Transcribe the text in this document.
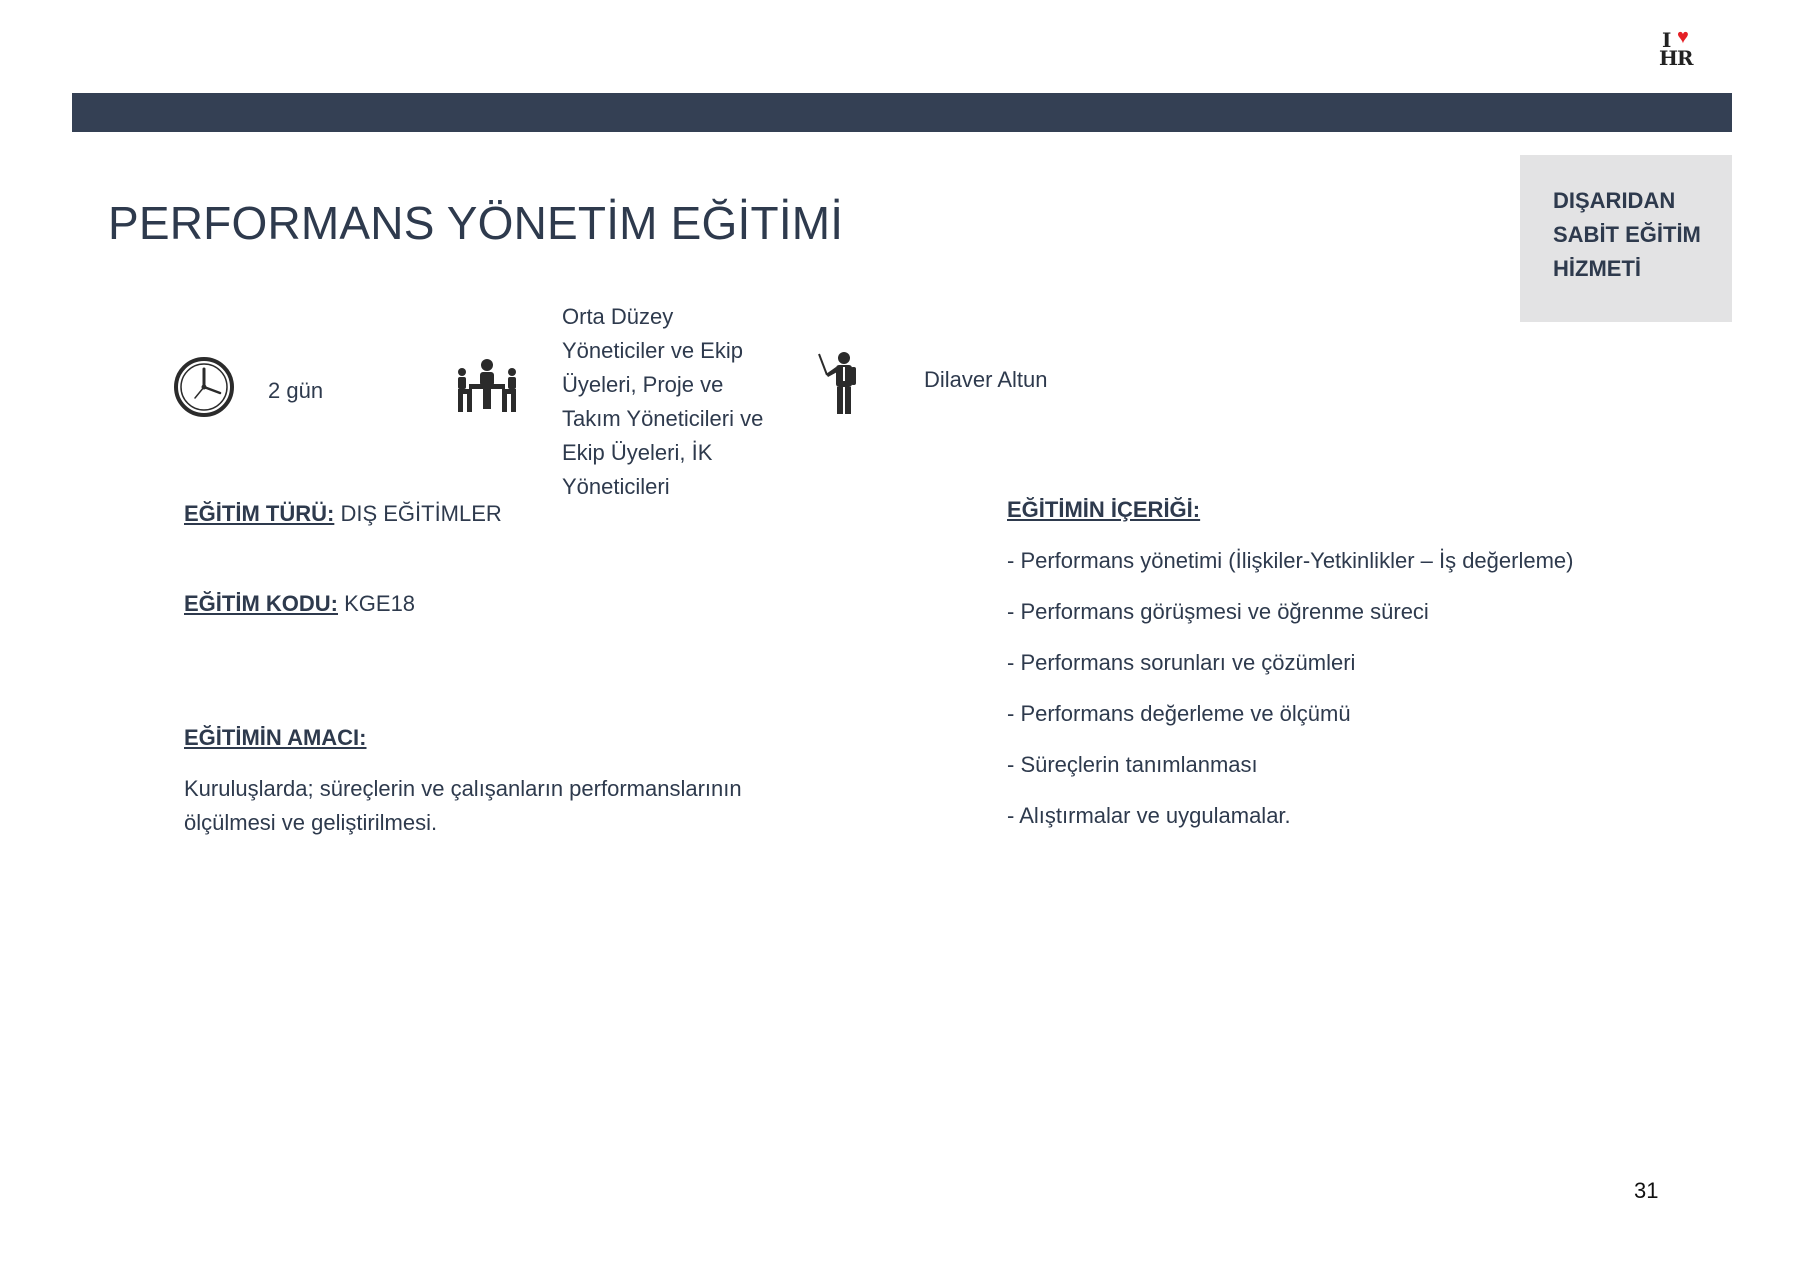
I ♥
HR
DIŞARIDAN
SABİT EĞİTİM
HİZMETİ
PERFORMANS YÖNETİM EĞİTİMİ
2 gün
Orta Düzey
Yöneticiler ve Ekip
Üyeleri, Proje ve
Takım Yöneticileri ve
Ekip Üyeleri, İK
Yöneticileri
Dilaver Altun
EĞİTİM TÜRÜ: DIŞ EĞİTİMLER
EĞİTİM KODU: KGE18
EĞİTİMİN AMACI:
Kuruluşlarda; süreçlerin ve çalışanların performanslarının
ölçülmesi ve geliştirilmesi.
EĞİTİMİN İÇERİĞİ:
- Performans yönetimi (İlişkiler-Yetkinlikler – İş değerleme)
- Performans görüşmesi ve öğrenme süreci
- Performans sorunları ve çözümleri
- Performans değerleme ve ölçümü
- Süreçlerin tanımlanması
- Alıştırmalar ve uygulamalar.
31
